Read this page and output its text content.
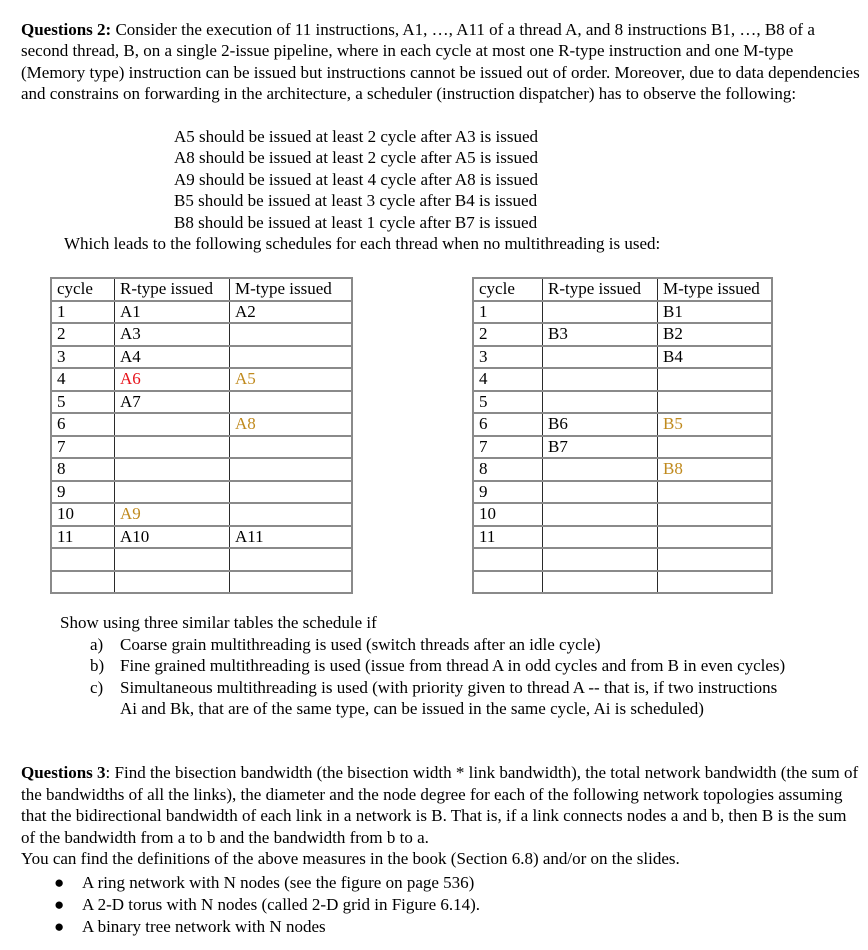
Questions 2: Consider the execution of 11 instructions, A1, …, A11 of a thread A, and 8 instructions B1, …, B8 of a second thread, B, on a single 2-issue pipeline, where in each cycle at most one R-type instruction and one M-type (Memory type) instruction can be issued but instructions cannot be issued out of order. Moreover, due to data dependencies and constrains on forwarding in the architecture, a scheduler (instruction dispatcher) has to observe the following:

A5 should be issued at least 2 cycle after A3 is issued
A8 should be issued at least 2 cycle after A5 is issued
A9 should be issued at least 4 cycle after A8 is issued
B5 should be issued at least 3 cycle after B4 is issued
B8 should be issued at least 1 cycle after B7 is issued
Which leads to the following schedules for each thread when no multithreading is used:
cycle	R-type issued	M-type issued
1	A1	A2
2	A3	
3	A4	
4	A6	A5
5	A7	
6		A8
7		
8		
9		
10	A9	
11	A10	A11

cycle	R-type issued	M-type issued
1		B1
2	B3	B2
3		B4
4		
5		
6	B6	B5
7	B7	
8		B8
9		
10		
11		

Show using three similar tables the schedule if
a) Coarse grain multithreading is used (switch threads after an idle cycle)
b) Fine grained multithreading is used (issue from thread A in odd cycles and from B in even cycles)
c) Simultaneous multithreading is used (with priority given to thread A -- that is, if two instructions
Ai and Bk, that are of the same type, can be issued in the same cycle, Ai is scheduled)

Questions 3: Find the bisection bandwidth (the bisection width * link bandwidth), the total network bandwidth (the sum of the bandwidths of all the links), the diameter and the node degree for each of the following network topologies assuming that the bidirectional bandwidth of each link in a network is B. That is, if a link connects nodes a and b, then B is the sum of the bandwidth from a to b and the bandwidth from b to a.
You can find the definitions of the above measures in the book (Section 6.8) and/or on the slides.

● A ring network with N nodes (see the figure on page 536)
● A 2-D torus with N nodes (called 2-D grid in Figure 6.14).
● A binary tree network with N nodes
